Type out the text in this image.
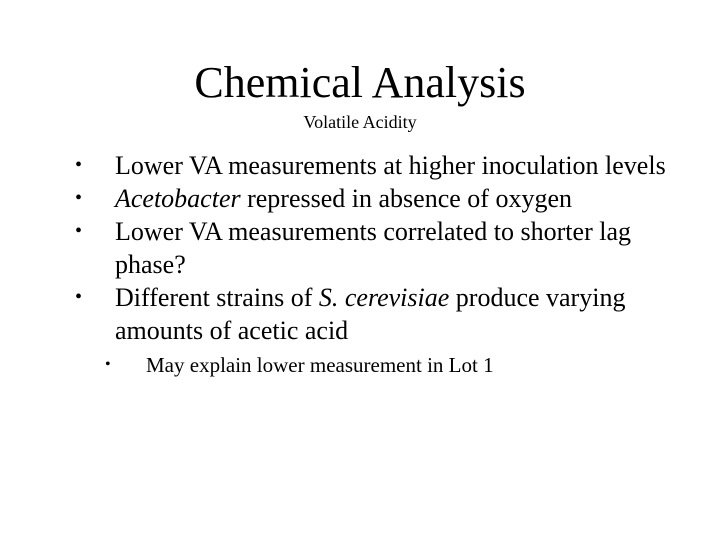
Chemical Analysis
Volatile Acidity
• Lower VA measurements at higher inoculation levels
• Acetobacter repressed in absence of oxygen
• Lower VA measurements correlated to shorter lag phase?
• Different strains of S. cerevisiae produce varying amounts of acetic acid
• May explain lower measurement in Lot 1
